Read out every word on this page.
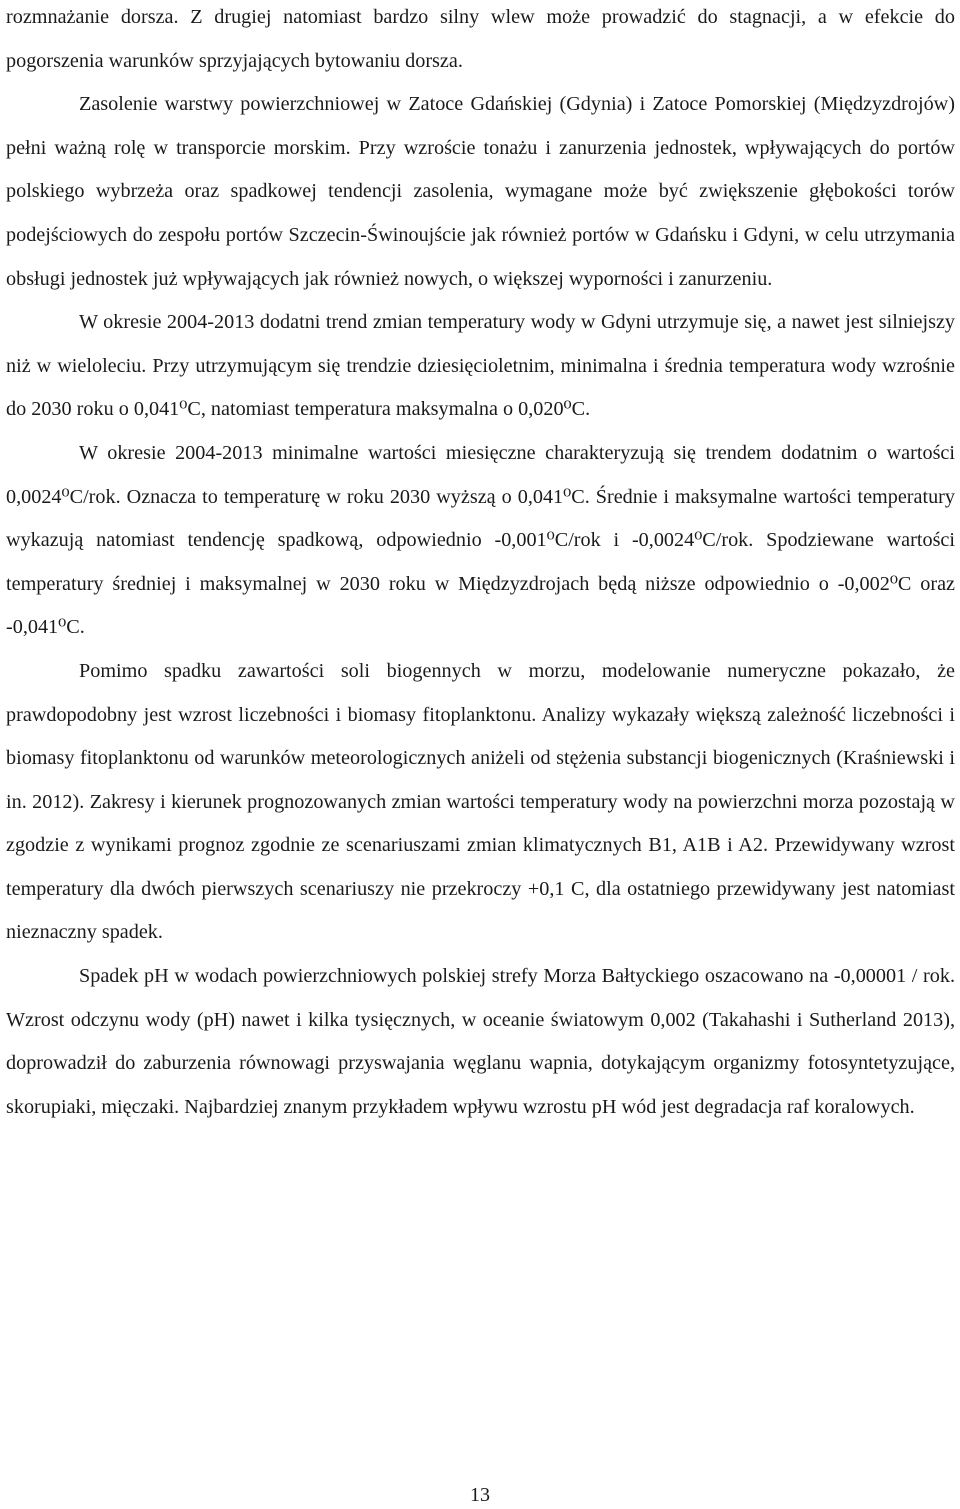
rozmnażanie dorsza. Z drugiej natomiast bardzo silny wlew może prowadzić do stagnacji, a w efekcie do pogorszenia warunków sprzyjających bytowaniu dorsza.

Zasolenie warstwy powierzchniowej w Zatoce Gdańskiej (Gdynia) i Zatoce Pomorskiej (Międzyzdrojów) pełni ważną rolę w transporcie morskim. Przy wzroście tonażu i zanurzenia jednostek, wpływających do portów polskiego wybrzeża oraz spadkowej tendencji zasolenia, wymagane może być zwiększenie głębokości torów podejściowych do zespołu portów Szczecin-Świnoujście jak również portów w Gdańsku i Gdyni, w celu utrzymania obsługi jednostek już wpływających jak również nowych, o większej wyporności i zanurzeniu.

W okresie 2004-2013 dodatni trend zmian temperatury wody w Gdyni utrzymuje się, a nawet jest silniejszy niż w wieloleciu. Przy utrzymującym się trendzie dziesięcioletnim, minimalna i średnia temperatura wody wzrośnie do 2030 roku o 0,041⁰C, natomiast temperatura maksymalna o 0,020⁰C.

W okresie 2004-2013 minimalne wartości miesięczne charakteryzują się trendem dodatnim o wartości 0,0024⁰C/rok. Oznacza to temperaturę w roku 2030 wyższą o 0,041⁰C. Średnie i maksymalne wartości temperatury wykazują natomiast tendencję spadkową, odpowiednio -0,001⁰C/rok i -0,0024⁰C/rok. Spodziewane wartości temperatury średniej i maksymalnej w 2030 roku w Międzyzdrojach będą niższe odpowiednio o -0,002⁰C oraz -0,041⁰C.

Pomimo spadku zawartości soli biogennych w morzu, modelowanie numeryczne pokazało, że prawdopodobny jest wzrost liczebności i biomasy fitoplanktonu. Analizy wykazały większą zależność liczebności i biomasy fitoplanktonu od warunków meteorologicznych aniżeli od stężenia substancji biogenicznych (Kraśniewski i in. 2012). Zakresy i kierunek prognozowanych zmian wartości temperatury wody na powierzchni morza pozostają w zgodzie z wynikami prognoz zgodnie ze scenariuszami zmian klimatycznych B1, A1B i A2. Przewidywany wzrost temperatury dla dwóch pierwszych scenariuszy nie przekroczy +0,1 C, dla ostatniego przewidywany jest natomiast nieznaczny spadek.

Spadek pH w wodach powierzchniowych polskiej strefy Morza Bałtyckiego oszacowano na -0,00001 / rok. Wzrost odczynu wody (pH) nawet i kilka tysięcznych, w oceanie światowym 0,002 (Takahashi i Sutherland 2013), doprowadził do zaburzenia równowagi przyswajania węglanu wapnia, dotykającym organizmy fotosyntetyzujące, skorupiaki, mięczaki. Najbardziej znanym przykładem wpływu wzrostu pH wód jest degradacja raf koralowych.

13
